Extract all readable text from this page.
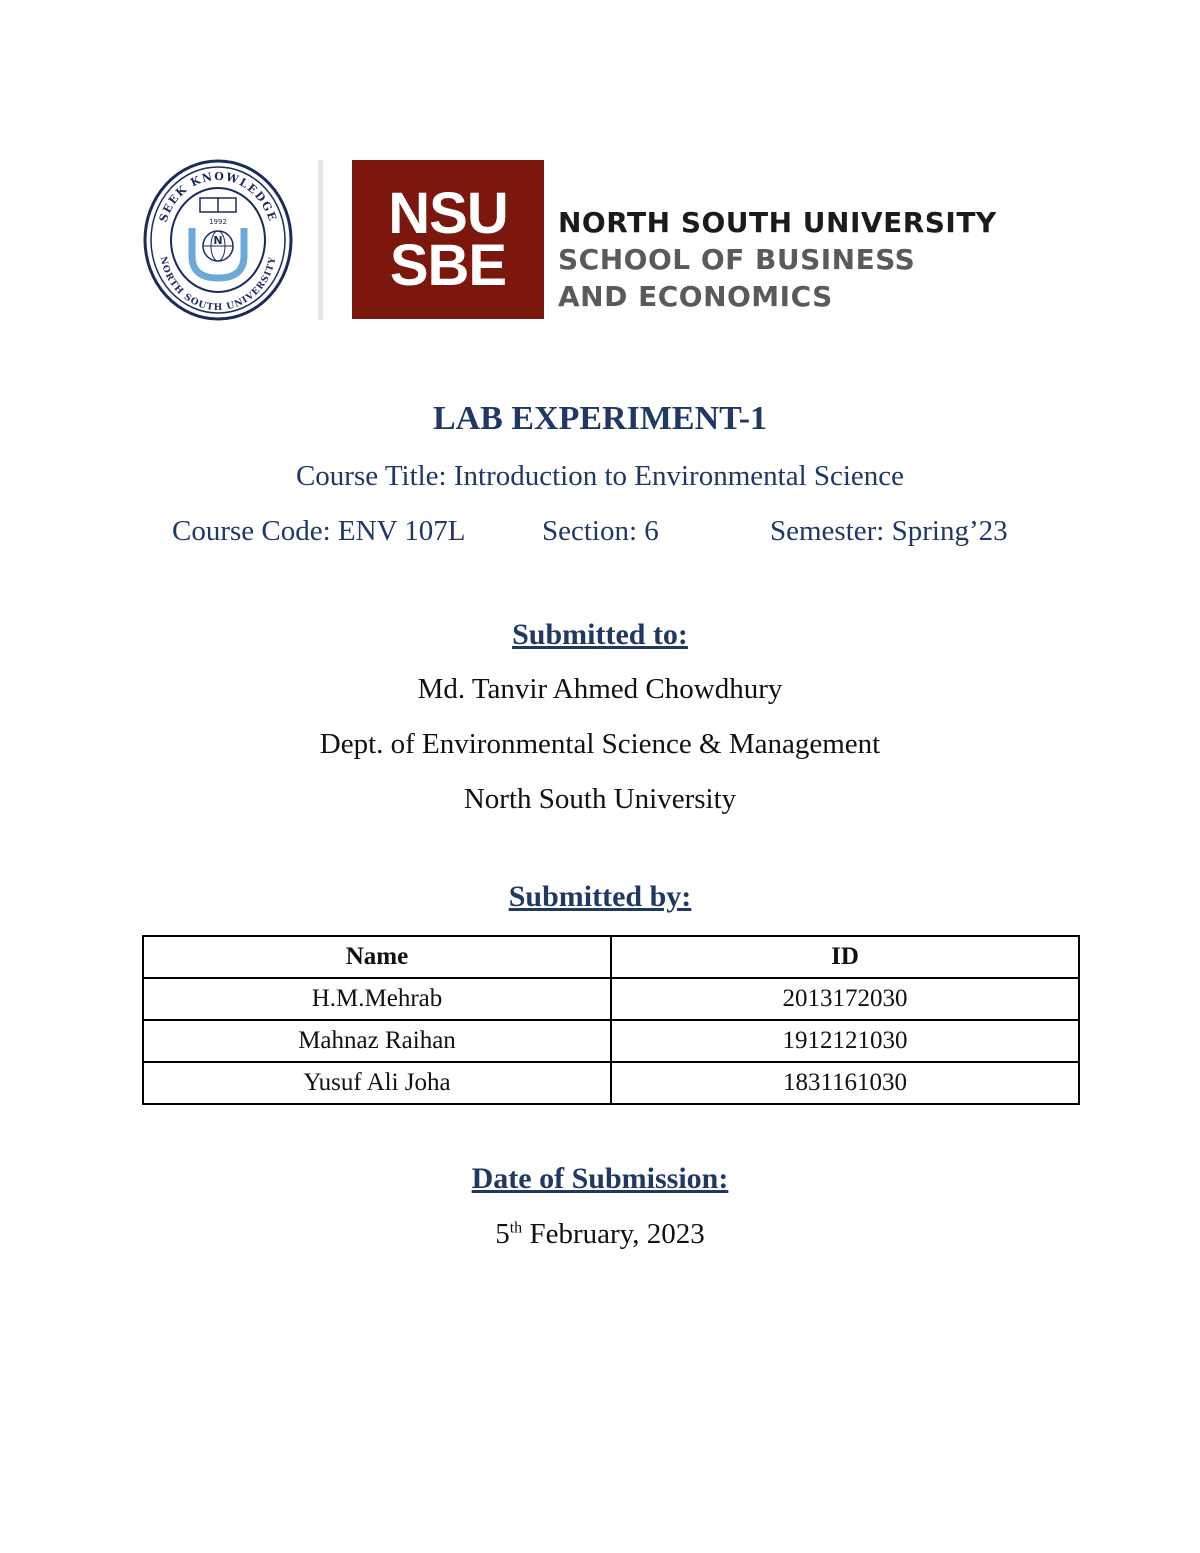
SEEK KNOWLEDGE
NORTH SOUTH UNIVERSITY
1992
N	NSU
SBE
NORTH SOUTH UNIVERSITY
SCHOOL OF BUSINESS
AND ECONOMICS
LAB EXPERIMENT-1
Course Title: Introduction to Environmental Science
Course Code: ENV 107L	Section: 6	Semester: Spring’23
Submitted to:
Md. Tanvir Ahmed Chowdhury
Dept. of Environmental Science & Management
North South University
Submitted by:
Name	ID
H.M.Mehrab	2013172030
Mahnaz Raihan	1912121030
Yusuf Ali Joha	1831161030
Date of Submission:
5th February, 2023
